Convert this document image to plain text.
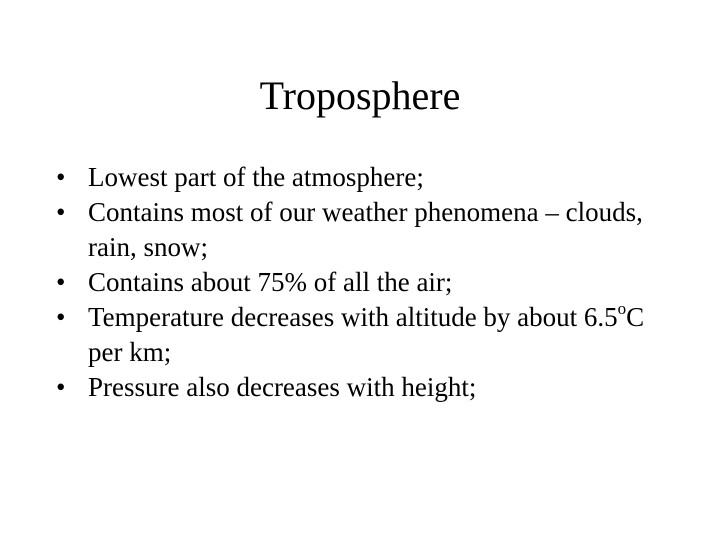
Troposphere
• Lowest part of the atmosphere;
• Contains most of our weather phenomena – clouds, rain, snow;
• Contains about 75% of all the air;
• Temperature decreases with altitude by about 6.5$^o$C per km;
• Pressure also decreases with height;
